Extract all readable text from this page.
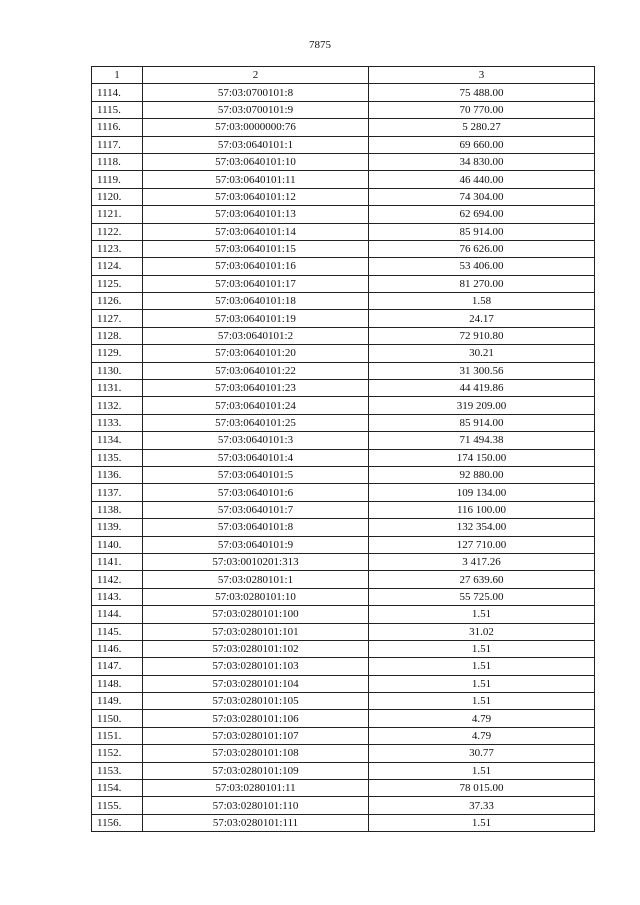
7875
1	2	3
1114.	57:03:0700101:8	75 488.00
1115.	57:03:0700101:9	70 770.00
1116.	57:03:0000000:76	5 280.27
1117.	57:03:0640101:1	69 660.00
1118.	57:03:0640101:10	34 830.00
1119.	57:03:0640101:11	46 440.00
1120.	57:03:0640101:12	74 304.00
1121.	57:03:0640101:13	62 694.00
1122.	57:03:0640101:14	85 914.00
1123.	57:03:0640101:15	76 626.00
1124.	57:03:0640101:16	53 406.00
1125.	57:03:0640101:17	81 270.00
1126.	57:03:0640101:18	1.58
1127.	57:03:0640101:19	24.17
1128.	57:03:0640101:2	72 910.80
1129.	57:03:0640101:20	30.21
1130.	57:03:0640101:22	31 300.56
1131.	57:03:0640101:23	44 419.86
1132.	57:03:0640101:24	319 209.00
1133.	57:03:0640101:25	85 914.00
1134.	57:03:0640101:3	71 494.38
1135.	57:03:0640101:4	174 150.00
1136.	57:03:0640101:5	92 880.00
1137.	57:03:0640101:6	109 134.00
1138.	57:03:0640101:7	116 100.00
1139.	57:03:0640101:8	132 354.00
1140.	57:03:0640101:9	127 710.00
1141.	57:03:0010201:313	3 417.26
1142.	57:03:0280101:1	27 639.60
1143.	57:03:0280101:10	55 725.00
1144.	57:03:0280101:100	1.51
1145.	57:03:0280101:101	31.02
1146.	57:03:0280101:102	1.51
1147.	57:03:0280101:103	1.51
1148.	57:03:0280101:104	1.51
1149.	57:03:0280101:105	1.51
1150.	57:03:0280101:106	4.79
1151.	57:03:0280101:107	4.79
1152.	57:03:0280101:108	30.77
1153.	57:03:0280101:109	1.51
1154.	57:03:0280101:11	78 015.00
1155.	57:03:0280101:110	37.33
1156.	57:03:0280101:111	1.51
